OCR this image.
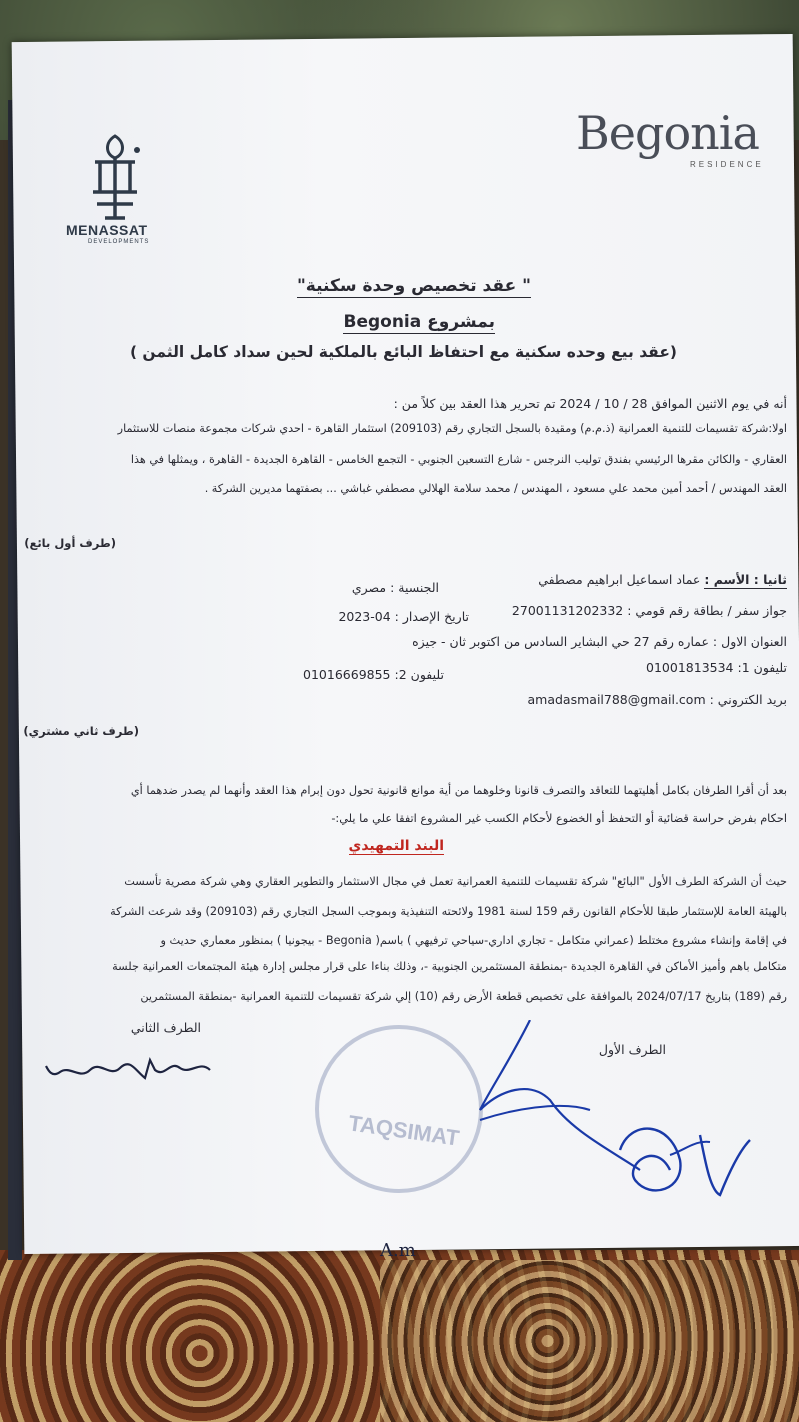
Begonia
RESIDENCE
MENASSAT
DEVELOPMENTS
" عقد تخصيص وحدة سكنية"
بمشروع Begonia
(عقد بيع وحده سكنية مع احتفاظ البائع بالملكية لحين سداد كامل الثمن )
أنه في يوم الاثنين الموافق 28 / 10 / 2024 تم تحرير هذا العقد بين كلاً من :
اولا:شركة تقسيمات للتنمية العمرانية (ذ.م.م) ومقيدة بالسجل التجاري رقم (209103) استثمار القاهرة - احدي شركات مجموعة منصات للاستثمار
العقاري - والكائن مقرها الرئيسي بفندق توليب النرجس - شارع التسعين الجنوبي - التجمع الخامس - القاهرة الجديدة - القاهرة ، ويمثلها في هذا
العقد المهندس / أحمد أمين محمد علي مسعود ، المهندس / محمد سلامة الهلالي مصطفي غباشي ... بصفتهما مديرين الشركة .
(طرف أول بائع)
ثانيا : الأسم : عماد اسماعيل ابراهيم مصطفي
الجنسية : مصري
جواز سفر / بطاقة رقم قومي : 27001131202332
تاريخ الإصدار : 2023-04
العنوان الاول : عماره رقم 27 حي البشاير السادس من اكتوبر ثان - جيزه
تليفون 1: 01001813534
تليفون 2: 01016669855
بريد الكتروني : amadasmail788@gmail.com
(طرف ثاني مشتري)
بعد أن أقرا الطرفان بكامل أهليتهما للتعاقد والتصرف قانونا وخلوهما من أية موانع قانونية تحول دون إبرام هذا العقد وأنهما لم يصدر ضدهما أي
احكام بفرض حراسة قضائية أو التحفظ أو الخضوع لأحكام الكسب غير المشروع اتفقا علي ما يلي:-
البند التمهيدي
حيث أن الشركة الطرف الأول "البائع" شركة تقسيمات للتنمية العمرانية تعمل في مجال الاستثمار والتطوير العقاري وهي شركة مصرية تأسست
بالهيئة العامة للإستثمار طبقا للأحكام القانون رقم 159 لسنة 1981 ولائحته التنفيذية وبموجب السجل التجاري رقم (209103) وقد شرعت الشركة
في إقامة وإنشاء مشروع مختلط (عمراني متكامل - تجاري اداري-سياحي ترفيهي ) باسم( Begonia - بيجونيا ) بمنظور معماري حديث و
متكامل باهم وأميز الأماكن في القاهرة الجديدة -بمنطقة المستثمرين الجنوبية -، وذلك بناءا على قرار مجلس إدارة هيئة المجتمعات العمرانية جلسة
رقم (189) بتاريخ 2024/07/17 بالموافقة على تخصيص قطعة الأرض رقم (10) إلي شركة تقسيمات للتنمية العمرانية -بمنطقة المستثمرين
الطرف الثاني
الطرف الأول
TAQSIMAT
A.m
